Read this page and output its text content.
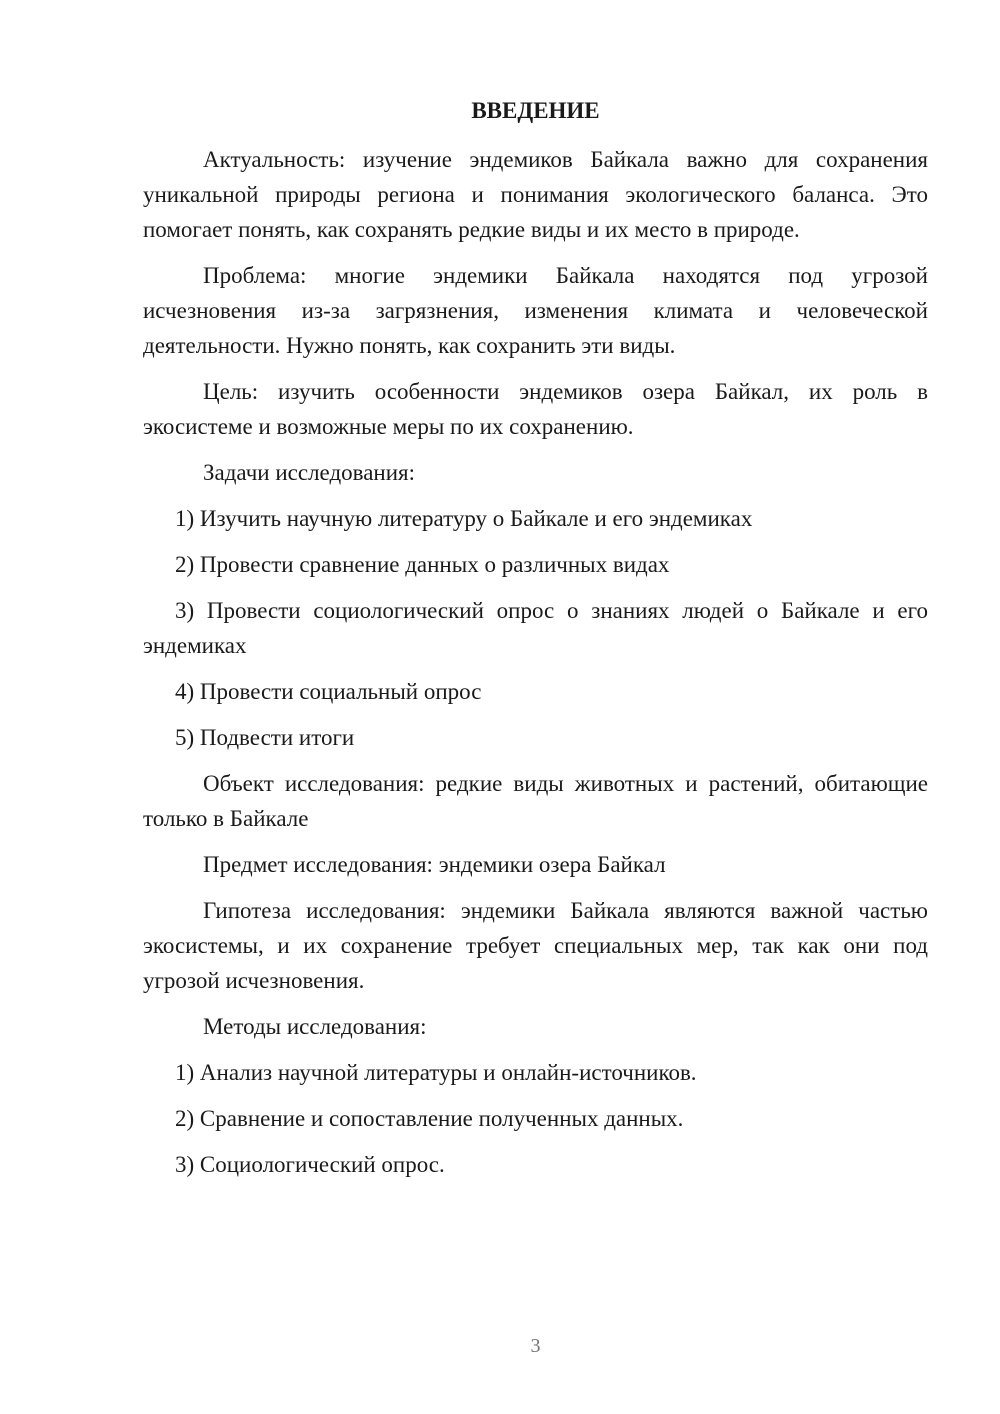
ВВЕДЕНИЕ

Актуальность: изучение эндемиков Байкала важно для сохранения уникальной природы региона и понимания экологического баланса. Это помогает понять, как сохранять редкие виды и их место в природе.

Проблема: многие эндемики Байкала находятся под угрозой исчезновения из-за загрязнения, изменения климата и человеческой деятельности. Нужно понять, как сохранить эти виды.

Цель: изучить особенности эндемиков озера Байкал, их роль в экосистеме и возможные меры по их сохранению.

Задачи исследования:

1) Изучить научную литературу о Байкале и его эндемиках

2) Провести сравнение данных о различных видах

3) Провести социологический опрос о знаниях людей о Байкале и его эндемиках

4) Провести социальный опрос

5) Подвести итоги

Объект исследования: редкие виды животных и растений, обитающие только в Байкале

Предмет исследования: эндемики озера Байкал

Гипотеза исследования: эндемики Байкала являются важной частью экосистемы, и их сохранение требует специальных мер, так как они под угрозой исчезновения.

Методы исследования:

1) Анализ научной литературы и онлайн-источников.

2) Сравнение и сопоставление полученных данных.

3) Социологический опрос.

3
